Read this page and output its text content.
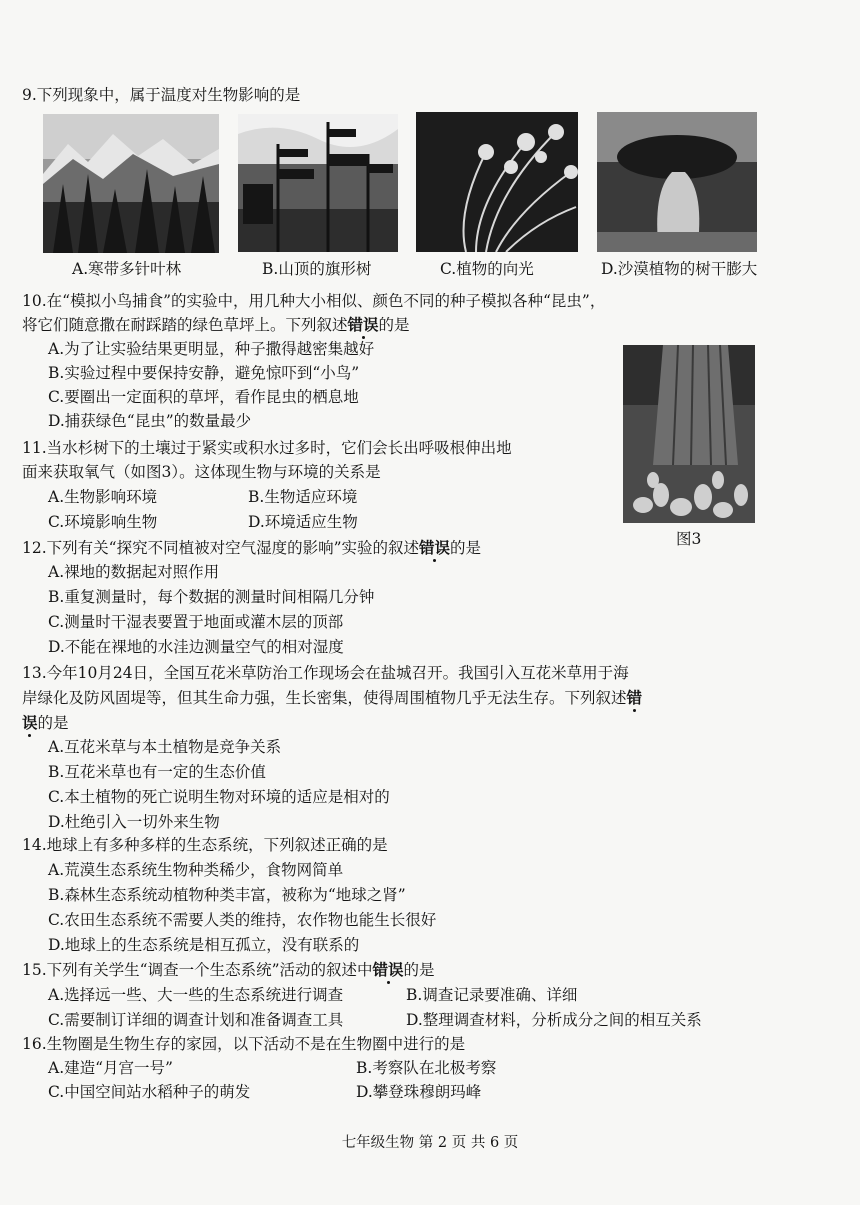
9.下列现象中，属于温度对生物影响的是
A.寒带多针叶林	B.山顶的旗形树	C.植物的向光	D.沙漠植物的树干膨大
10.在“模拟小鸟捕食”的实验中，用几种大小相似、颜色不同的种子模拟各种“昆虫”，
将它们随意撒在耐踩踏的绿色草坪上。下列叙述错误的是
A.为了让实验结果更明显，种子撒得越密集越好
B.实验过程中要保持安静，避免惊吓到“小鸟”
C.要圈出一定面积的草坪，看作昆虫的栖息地
D.捕获绿色“昆虫”的数量最少
图3
11.当水杉树下的土壤过于紧实或积水过多时，它们会长出呼吸根伸出地
面来获取氧气（如图3）。这体现生物与环境的关系是
A.生物影响环境	B.生物适应环境
C.环境影响生物	D.环境适应生物
12.下列有关“探究不同植被对空气湿度的影响”实验的叙述错误的是
A.裸地的数据起对照作用
B.重复测量时，每个数据的测量时间相隔几分钟
C.测量时干湿表要置于地面或灌木层的顶部
D.不能在裸地的水洼边测量空气的相对湿度
13.今年10月24日，全国互花米草防治工作现场会在盐城召开。我国引入互花米草用于海
岸绿化及防风固堤等，但其生命力强，生长密集，使得周围植物几乎无法生存。下列叙述错
误的是
A.互花米草与本土植物是竞争关系
B.互花米草也有一定的生态价值
C.本土植物的死亡说明生物对环境的适应是相对的
D.杜绝引入一切外来生物
14.地球上有多种多样的生态系统，下列叙述正确的是
A.荒漠生态系统生物种类稀少，食物网简单
B.森林生态系统动植物种类丰富，被称为“地球之肾”
C.农田生态系统不需要人类的维持，农作物也能生长很好
D.地球上的生态系统是相互孤立，没有联系的
15.下列有关学生“调查一个生态系统”活动的叙述中错误的是
A.选择远一些、大一些的生态系统进行调查	B.调查记录要准确、详细
C.需要制订详细的调查计划和准备调查工具	D.整理调查材料，分析成分之间的相互关系
16.生物圈是生物生存的家园，以下活动不是在生物圈中进行的是
A.建造“月宫一号”	B.考察队在北极考察
C.中国空间站水稻种子的萌发	D.攀登珠穆朗玛峰
七年级生物 第 2 页 共 6 页
